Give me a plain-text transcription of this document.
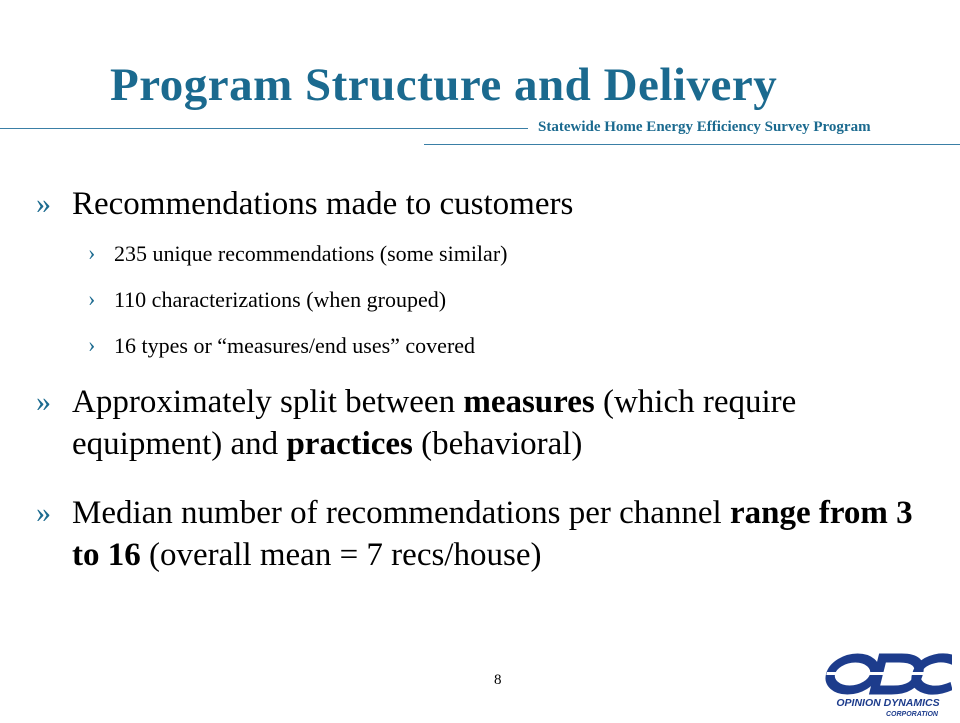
Program Structure and Delivery
Statewide Home Energy Efficiency Survey Program
» Recommendations made to customers
› 235 unique recommendations (some similar)
› 110 characterizations (when grouped)
› 16 types or “measures/end uses” covered
» Approximately split between measures (which require equipment) and practices (behavioral)
» Median number of recommendations per channel range from 3 to 16 (overall mean = 7 recs/house)
8
OPINION DYNAMICS
CORPORATION
